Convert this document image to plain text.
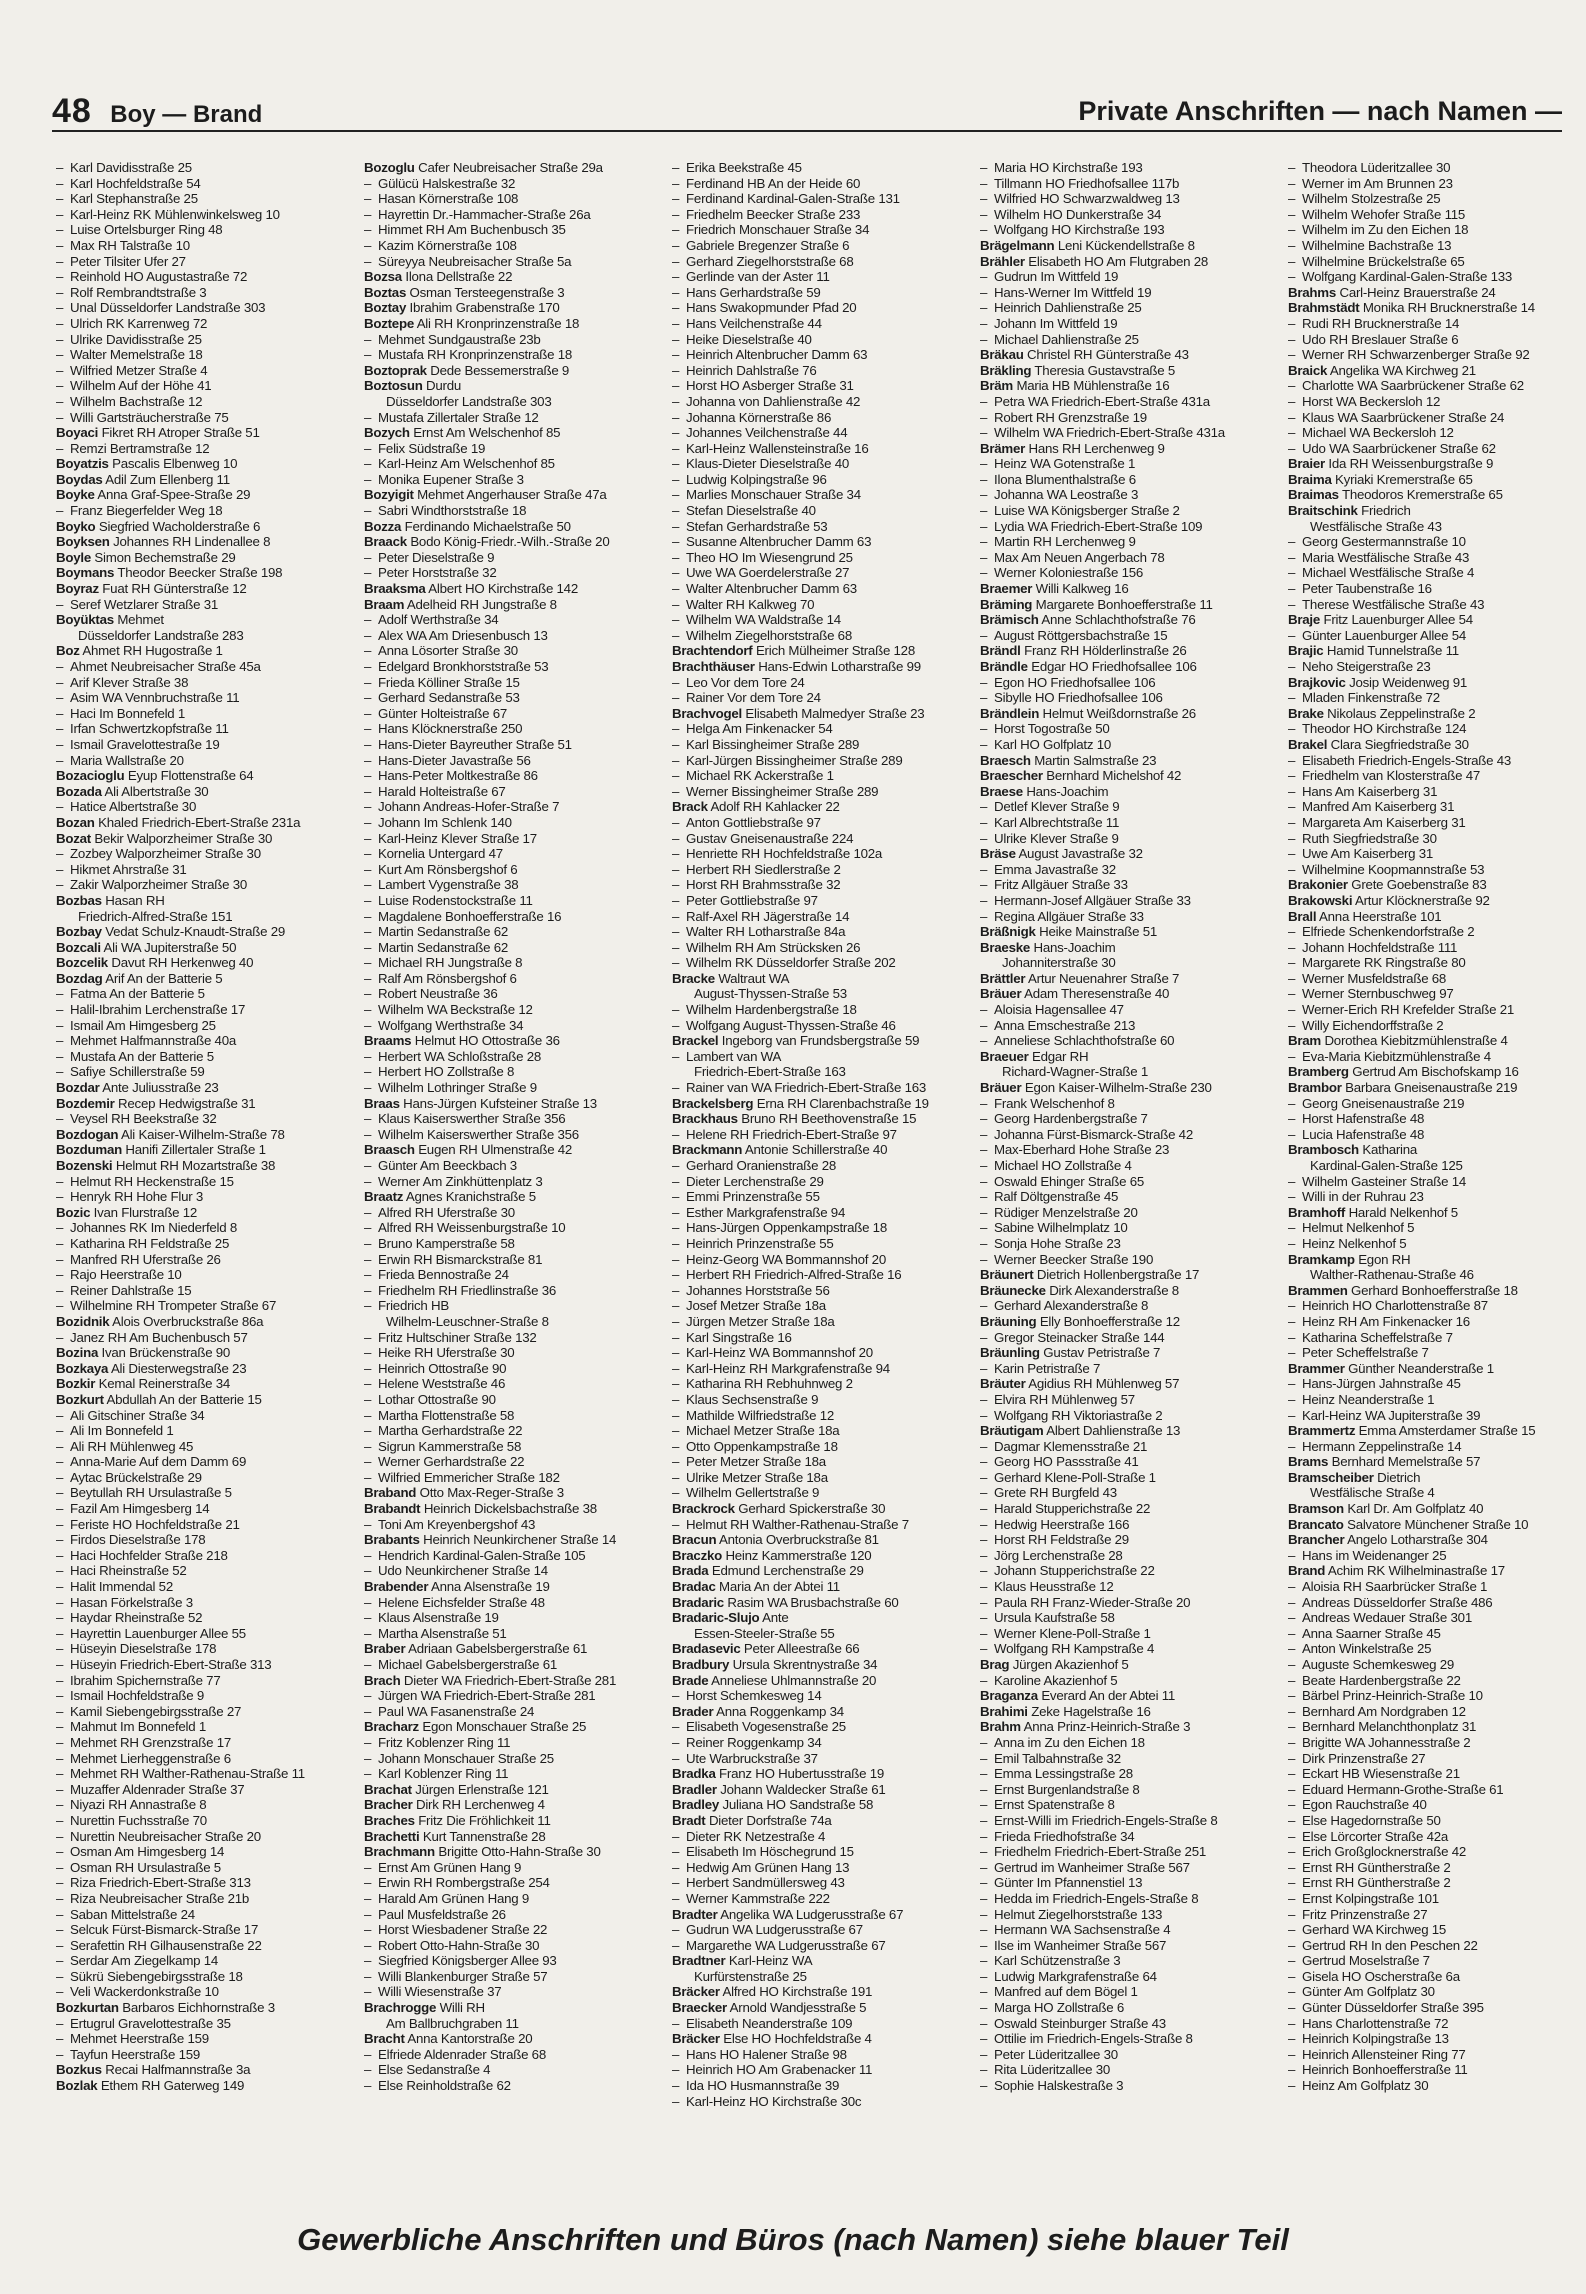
48 Boy — Brand	Private Anschriften — nach Namen —
–  Karl Davidisstraße 25
–  Karl Hochfeldstraße 54
–  Karl Stephanstraße 25
–  Karl-Heinz RK Mühlenwinkelsweg 10
–  Luise Ortelsburger Ring 48
–  Max RH Talstraße 10
–  Peter Tilsiter Ufer 27
–  Reinhold HO Augustastraße 72
–  Rolf Rembrandtstraße 3
–  Unal Düsseldorfer Landstraße 303
–  Ulrich RK Karrenweg 72
–  Ulrike Davidisstraße 25
–  Walter Memelstraße 18
–  Wilfried Metzer Straße 4
–  Wilhelm Auf der Höhe 41
–  Wilhelm Bachstraße 12
–  Willi Gartsträucherstraße 75
Boyaci Fikret RH Atroper Straße 51
–  Remzi Bertramstraße 12
Boyatzis Pascalis Elbenweg 10
Boydas Adil Zum Ellenberg 11
Boyke Anna Graf-Spee-Straße 29
–  Franz Biegerfelder Weg 18
Boyko Siegfried Wacholderstraße 6
Boyksen Johannes RH Lindenallee 8
Boyle Simon Bechemstraße 29
Boymans Theodor Beecker Straße 198
Boyraz Fuat RH Günterstraße 12
–  Seref Wetzlarer Straße 31
Boyüktas Mehmet
Düsseldorfer Landstraße 283
Boz Ahmet RH Hugostraße 1
–  Ahmet Neubreisacher Straße 45a
–  Arif Klever Straße 38
–  Asim WA Vennbruchstraße 11
–  Haci Im Bonnefeld 1
–  Irfan Schwertzkopfstraße 11
–  Ismail Gravelottestraße 19
–  Maria Wallstraße 20
Bozacioglu Eyup Flottenstraße 64
Bozada Ali Albertstraße 30
–  Hatice Albertstraße 30
Bozan Khaled Friedrich-Ebert-Straße 231a
Bozat Bekir Walporzheimer Straße 30
–  Zozbey Walporzheimer Straße 30
–  Hikmet Ahrstraße 31
–  Zakir Walporzheimer Straße 30
Bozbas Hasan RH
Friedrich-Alfred-Straße 151
Bozbay Vedat Schulz-Knaudt-Straße 29
Bozcali Ali WA Jupiterstraße 50
Bozcelik Davut RH Herkenweg 40
Bozdag Arif An der Batterie 5
–  Fatma An der Batterie 5
–  Halil-Ibrahim Lerchenstraße 17
–  Ismail Am Himgesberg 25
–  Mehmet Halfmannstraße 40a
–  Mustafa An der Batterie 5
–  Safiye Schillerstraße 59
Bozdar Ante Juliusstraße 23
Bozdemir Recep Hedwigstraße 31
–  Veysel RH Beekstraße 32
Bozdogan Ali Kaiser-Wilhelm-Straße 78
Bozduman Hanifi Zillertaler Straße 1
Bozenski Helmut RH Mozartstraße 38
–  Helmut RH Heckenstraße 15
–  Henryk RH Hohe Flur 3
Bozic Ivan Flurstraße 12
–  Johannes RK Im Niederfeld 8
–  Katharina RH Feldstraße 25
–  Manfred RH Uferstraße 26
–  Rajo Heerstraße 10
–  Reiner Dahlstraße 15
–  Wilhelmine RH Trompeter Straße 67
Bozidnik Alois Overbruckstraße 86a
–  Janez RH Am Buchenbusch 57
Bozina Ivan Brückenstraße 90
Bozkaya Ali Diesterwegstraße 23
Bozkir Kemal Reinerstraße 34
Bozkurt Abdullah An der Batterie 15
–  Ali Gitschiner Straße 34
–  Ali Im Bonnefeld 1
–  Ali RH Mühlenweg 45
–  Anna-Marie Auf dem Damm 69
–  Aytac Brückelstraße 29
–  Beytullah RH Ursulastraße 5
–  Fazil Am Himgesberg 14
–  Feriste HO Hochfeldstraße 21
–  Firdos Dieselstraße 178
–  Haci Hochfelder Straße 218
–  Haci Rheinstraße 52
–  Halit Immendal 52
–  Hasan Förkelstraße 3
–  Haydar Rheinstraße 52
–  Hayrettin Lauenburger Allee 55
–  Hüseyin Dieselstraße 178
–  Hüseyin Friedrich-Ebert-Straße 313
–  Ibrahim Spichernstraße 77
–  Ismail Hochfeldstraße 9
–  Kamil Siebengebirgsstraße 27
–  Mahmut Im Bonnefeld 1
–  Mehmet RH Grenzstraße 17
–  Mehmet Lierheggenstraße 6
–  Mehmet RH Walther-Rathenau-Straße 11
–  Muzaffer Aldenrader Straße 37
–  Niyazi RH Annastraße 8
–  Nurettin Fuchsstraße 70
–  Nurettin Neubreisacher Straße 20
–  Osman Am Himgesberg 14
–  Osman RH Ursulastraße 5
–  Riza Friedrich-Ebert-Straße 313
–  Riza Neubreisacher Straße 21b
–  Saban Mittelstraße 24
–  Selcuk Fürst-Bismarck-Straße 17
–  Serafettin RH Gilhausenstraße 22
–  Serdar Am Ziegelkamp 14
–  Sükrü Siebengebirgsstraße 18
–  Veli Wackerdonkstraße 10
Bozkurtan Barbaros Eichhornstraße 3
–  Ertugrul Gravelottestraße 35
–  Mehmet Heerstraße 159
–  Tayfun Heerstraße 159
Bozkus Recai Halfmannstraße 3a
Bozlak Ethem RH Gaterweg 149
Bozoglu Cafer Neubreisacher Straße 29a
–  Gülücü Halskestraße 32
–  Hasan Körnerstraße 108
–  Hayrettin Dr.-Hammacher-Straße 26a
–  Himmet RH Am Buchenbusch 35
–  Kazim Körnerstraße 108
–  Süreyya Neubreisacher Straße 5a
Bozsa Ilona Dellstraße 22
Boztas Osman Tersteegenstraße 3
Boztay Ibrahim Grabenstraße 170
Boztepe Ali RH Kronprinzenstraße 18
–  Mehmet Sundgaustraße 23b
–  Mustafa RH Kronprinzenstraße 18
Boztoprak Dede Bessemerstraße 9
Boztosun Durdu
Düsseldorfer Landstraße 303
–  Mustafa Zillertaler Straße 12
Bozych Ernst Am Welschenhof 85
–  Felix Südstraße 19
–  Karl-Heinz Am Welschenhof 85
–  Monika Eupener Straße 3
Bozyigit Mehmet Angerhauser Straße 47a
–  Sabri Windthorststraße 18
Bozza Ferdinando Michaelstraße 50
Braack Bodo König-Friedr.-Wilh.-Straße 20
–  Peter Dieselstraße 9
–  Peter Horststraße 32
Braaksma Albert HO Kirchstraße 142
Braam Adelheid RH Jungstraße 8
–  Adolf Werthstraße 34
–  Alex WA Am Driesenbusch 13
–  Anna Lösorter Straße 30
–  Edelgard Bronkhorststraße 53
–  Frieda Kölliner Straße 15
–  Gerhard Sedanstraße 53
–  Günter Holteistraße 67
–  Hans Klöcknerstraße 250
–  Hans-Dieter Bayreuther Straße 51
–  Hans-Dieter Javastraße 56
–  Hans-Peter Moltkestraße 86
–  Harald Holteistraße 67
–  Johann Andreas-Hofer-Straße 7
–  Johann Im Schlenk 140
–  Karl-Heinz Klever Straße 17
–  Kornelia Untergard 47
–  Kurt Am Rönsbergshof 6
–  Lambert Vygenstraße 38
–  Luise Rodenstockstraße 11
–  Magdalene Bonhoefferstraße 16
–  Martin Sedanstraße 62
–  Martin Sedanstraße 62
–  Michael RH Jungstraße 8
–  Ralf Am Rönsbergshof 6
–  Robert Neustraße 36
–  Wilhelm WA Beckstraße 12
–  Wolfgang Werthstraße 34
Braams Helmut HO Ottostraße 36
–  Herbert WA Schloßstraße 28
–  Herbert HO Zollstraße 8
–  Wilhelm Lothringer Straße 9
Braas Hans-Jürgen Kufsteiner Straße 13
–  Klaus Kaiserswerther Straße 356
–  Wilhelm Kaiserswerther Straße 356
Braasch Eugen RH Ulmenstraße 42
–  Günter Am Beeckbach 3
–  Werner Am Zinkhüttenplatz 3
Braatz Agnes Kranichstraße 5
–  Alfred RH Uferstraße 30
–  Alfred RH Weissenburgstraße 10
–  Bruno Kamperstraße 58
–  Erwin RH Bismarckstraße 81
–  Frieda Bennostraße 24
–  Friedhelm RH Friedlinstraße 36
–  Friedrich HB
Wilhelm-Leuschner-Straße 8
–  Fritz Hultschiner Straße 132
–  Heike RH Uferstraße 30
–  Heinrich Ottostraße 90
–  Helene Weststraße 46
–  Lothar Ottostraße 90
–  Martha Flottenstraße 58
–  Martha Gerhardstraße 22
–  Sigrun Kammerstraße 58
–  Werner Gerhardstraße 22
–  Wilfried Emmericher Straße 182
Braband Otto Max-Reger-Straße 3
Brabandt Heinrich Dickelsbachstraße 38
–  Toni Am Kreyenbergshof 43
Brabants Heinrich Neunkirchener Straße 14
–  Hendrich Kardinal-Galen-Straße 105
–  Udo Neunkirchener Straße 14
Brabender Anna Alsenstraße 19
–  Helene Eichsfelder Straße 48
–  Klaus Alsenstraße 19
–  Martha Alsenstraße 51
Braber Adriaan Gabelsbergerstraße 61
–  Michael Gabelsbergerstraße 61
Brach Dieter WA Friedrich-Ebert-Straße 281
–  Jürgen WA Friedrich-Ebert-Straße 281
–  Paul WA Fasanenstraße 24
Bracharz Egon Monschauer Straße 25
–  Fritz Koblenzer Ring 11
–  Johann Monschauer Straße 25
–  Karl Koblenzer Ring 11
Brachat Jürgen Erlenstraße 121
Bracher Dirk RH Lerchenweg 4
Braches Fritz Die Fröhlichkeit 11
Brachetti Kurt Tannenstraße 28
Brachmann Brigitte Otto-Hahn-Straße 30
–  Ernst Am Grünen Hang 9
–  Erwin RH Rombergstraße 254
–  Harald Am Grünen Hang 9
–  Paul Musfeldstraße 26
–  Horst Wiesbadener Straße 22
–  Robert Otto-Hahn-Straße 30
–  Siegfried Königsberger Allee 93
–  Willi Blankenburger Straße 57
–  Willi Wiesenstraße 37
Brachrogge Willi RH
Am Ballbruchgraben 11
Bracht Anna Kantorstraße 20
–  Elfriede Aldenrader Straße 68
–  Else Sedanstraße 4
–  Else Reinholdstraße 62
–  Erika Beekstraße 45
–  Ferdinand HB An der Heide 60
–  Ferdinand Kardinal-Galen-Straße 131
–  Friedhelm Beecker Straße 233
–  Friedrich Monschauer Straße 34
–  Gabriele Bregenzer Straße 6
–  Gerhard Ziegelhorststraße 68
–  Gerlinde van der Aster 11
–  Hans Gerhardstraße 59
–  Hans Swakopmunder Pfad 20
–  Hans Veilchenstraße 44
–  Heike Dieselstraße 40
–  Heinrich Altenbrucher Damm 63
–  Heinrich Dahlstraße 76
–  Horst HO Asberger Straße 31
–  Johanna von Dahlienstraße 42
–  Johanna Körnerstraße 86
–  Johannes Veilchenstraße 44
–  Karl-Heinz Wallensteinstraße 16
–  Klaus-Dieter Dieselstraße 40
–  Ludwig Kolpingstraße 96
–  Marlies Monschauer Straße 34
–  Stefan Dieselstraße 40
–  Stefan Gerhardstraße 53
–  Susanne Altenbrucher Damm 63
–  Theo HO Im Wiesengrund 25
–  Uwe WA Goerdelerstraße 27
–  Walter Altenbrucher Damm 63
–  Walter RH Kalkweg 70
–  Wilhelm WA Waldstraße 14
–  Wilhelm Ziegelhorststraße 68
Brachtendorf Erich Mülheimer Straße 128
Brachthäuser Hans-Edwin Lotharstraße 99
–  Leo Vor dem Tore 24
–  Rainer Vor dem Tore 24
Brachvogel Elisabeth Malmedyer Straße 23
–  Helga Am Finkenacker 54
–  Karl Bissingheimer Straße 289
–  Karl-Jürgen Bissingheimer Straße 289
–  Michael RK Ackerstraße 1
–  Werner Bissingheimer Straße 289
Brack Adolf RH Kahlacker 22
–  Anton Gottliebstraße 97
–  Gustav Gneisenaustraße 224
–  Henriette RH Hochfeldstraße 102a
–  Herbert RH Siedlerstraße 2
–  Horst RH Brahmsstraße 32
–  Peter Gottliebstraße 97
–  Ralf-Axel RH Jägerstraße 14
–  Walter RH Lotharstraße 84a
–  Wilhelm RH Am Strücksken 26
–  Wilhelm RK Düsseldorfer Straße 202
Bracke Waltraut WA
August-Thyssen-Straße 53
–  Wilhelm Hardenbergstraße 18
–  Wolfgang August-Thyssen-Straße 46
Brackel Ingeborg van Frundsbergstraße 59
–  Lambert van WA
Friedrich-Ebert-Straße 163
–  Rainer van WA Friedrich-Ebert-Straße 163
Brackelsberg Erna RH Clarenbachstraße 19
Brackhaus Bruno RH Beethovenstraße 15
–  Helene RH Friedrich-Ebert-Straße 97
Brackmann Antonie Schillerstraße 40
–  Gerhard Oranienstraße 28
–  Dieter Lerchenstraße 29
–  Emmi Prinzenstraße 55
–  Esther Markgrafenstraße 94
–  Hans-Jürgen Oppenkampstraße 18
–  Heinrich Prinzenstraße 55
–  Heinz-Georg WA Bommannshof 20
–  Herbert RH Friedrich-Alfred-Straße 16
–  Johannes Horststraße 56
–  Josef Metzer Straße 18a
–  Jürgen Metzer Straße 18a
–  Karl Singstraße 16
–  Karl-Heinz WA Bommannshof 20
–  Karl-Heinz RH Markgrafenstraße 94
–  Katharina RH Rebhuhnweg 2
–  Klaus Sechsenstraße 9
–  Mathilde Wilfriedstraße 12
–  Michael Metzer Straße 18a
–  Otto Oppenkampstraße 18
–  Peter Metzer Straße 18a
–  Ulrike Metzer Straße 18a
–  Wilhelm Gellertstraße 9
Brackrock Gerhard Spickerstraße 30
–  Helmut RH Walther-Rathenau-Straße 7
Bracun Antonia Overbruckstraße 81
Braczko Heinz Kammerstraße 120
Brada Edmund Lerchenstraße 29
Bradac Maria An der Abtei 11
Bradaric Rasim WA Brusbachstraße 60
Bradaric-Slujo Ante
Essen-Steeler-Straße 55
Bradasevic Peter Alleestraße 66
Bradbury Ursula Skrentnystraße 34
Brade Anneliese Uhlmannstraße 20
–  Horst Schemkesweg 14
Brader Anna Roggenkamp 34
–  Elisabeth Vogesenstraße 25
–  Reiner Roggenkamp 34
–  Ute Warbruckstraße 37
Bradka Franz HO Hubertusstraße 19
Bradler Johann Waldecker Straße 61
Bradley Juliana HO Sandstraße 58
Bradt Dieter Dorfstraße 74a
–  Dieter RK Netzestraße 4
–  Elisabeth Im Höschegrund 15
–  Hedwig Am Grünen Hang 13
–  Herbert Sandmüllersweg 43
–  Werner Kammstraße 222
Bradter Angelika WA Ludgerusstraße 67
–  Gudrun WA Ludgerusstraße 67
–  Margarethe WA Ludgerusstraße 67
Bradtner Karl-Heinz WA
Kurfürstenstraße 25
Bräcker Alfred HO Kirchstraße 191
Braecker Arnold Wandjesstraße 5
–  Elisabeth Neanderstraße 109
Bräcker Else HO Hochfeldstraße 4
–  Hans HO Halener Straße 98
–  Heinrich HO Am Grabenacker 11
–  Ida HO Husmannstraße 39
–  Karl-Heinz HO Kirchstraße 30c
–  Maria HO Kirchstraße 193
–  Tillmann HO Friedhofsallee 117b
–  Wilfried HO Schwarzwaldweg 13
–  Wilhelm HO Dunkerstraße 34
–  Wolfgang HO Kirchstraße 193
Brägelmann Leni Kückendellstraße 8
Brähler Elisabeth HO Am Flutgraben 28
–  Gudrun Im Wittfeld 19
–  Hans-Werner Im Wittfeld 19
–  Heinrich Dahlienstraße 25
–  Johann Im Wittfeld 19
–  Michael Dahlienstraße 25
Bräkau Christel RH Günterstraße 43
Bräkling Theresia Gustavstraße 5
Bräm Maria HB Mühlenstraße 16
–  Petra WA Friedrich-Ebert-Straße 431a
–  Robert RH Grenzstraße 19
–  Wilhelm WA Friedrich-Ebert-Straße 431a
Brämer Hans RH Lerchenweg 9
–  Heinz WA Gotenstraße 1
–  Ilona Blumenthalstraße 6
–  Johanna WA Leostraße 3
–  Luise WA Königsberger Straße 2
–  Lydia WA Friedrich-Ebert-Straße 109
–  Martin RH Lerchenweg 9
–  Max Am Neuen Angerbach 78
–  Werner Koloniestraße 156
Braemer Willi Kalkweg 16
Bräming Margarete Bonhoefferstraße 11
Brämisch Anne Schlachthofstraße 76
–  August Röttgersbachstraße 15
Brändl Franz RH Hölderlinstraße 26
Brändle Edgar HO Friedhofsallee 106
–  Egon HO Friedhofsallee 106
–  Sibylle HO Friedhofsallee 106
Brändlein Helmut Weißdornstraße 26
–  Horst Togostraße 50
–  Karl HO Golfplatz 10
Braesch Martin Salmstraße 23
Braescher Bernhard Michelshof 42
Braese Hans-Joachim
–  Detlef Klever Straße 9
–  Karl Albrechtstraße 11
–  Ulrike Klever Straße 9
Bräse August Javastraße 32
–  Emma Javastraße 32
–  Fritz Allgäuer Straße 33
–  Hermann-Josef Allgäuer Straße 33
–  Regina Allgäuer Straße 33
Bräßnigk Heike Mainstraße 51
Braeske Hans-Joachim
Johanniterstraße 30
Brättler Artur Neuenahrer Straße 7
Bräuer Adam Theresenstraße 40
–  Aloisia Hagensallee 47
–  Anna Emschestraße 213
–  Anneliese Schlachthofstraße 60
Braeuer Edgar RH
Richard-Wagner-Straße 1
Bräuer Egon Kaiser-Wilhelm-Straße 230
–  Frank Welschenhof 8
–  Georg Hardenbergstraße 7
–  Johanna Fürst-Bismarck-Straße 42
–  Max-Eberhard Hohe Straße 23
–  Michael HO Zollstraße 4
–  Oswald Ehinger Straße 65
–  Ralf Döltgenstraße 45
–  Rüdiger Menzelstraße 20
–  Sabine Wilhelmplatz 10
–  Sonja Hohe Straße 23
–  Werner Beecker Straße 190
Bräunert Dietrich Hollenbergstraße 17
Bräunecke Dirk Alexanderstraße 8
–  Gerhard Alexanderstraße 8
Bräuning Elly Bonhoefferstraße 12
–  Gregor Steinacker Straße 144
Bräunling Gustav Petristraße 7
–  Karin Petristraße 7
Bräuter Agidius RH Mühlenweg 57
–  Elvira RH Mühlenweg 57
–  Wolfgang RH Viktoriastraße 2
Bräutigam Albert Dahlienstraße 13
–  Dagmar Klemensstraße 21
–  Georg HO Passstraße 41
–  Gerhard Klene-Poll-Straße 1
–  Grete RH Burgfeld 43
–  Harald Stupperichstraße 22
–  Hedwig Heerstraße 166
–  Horst RH Feldstraße 29
–  Jörg Lerchenstraße 28
–  Johann Stupperichstraße 22
–  Klaus Heusstraße 12
–  Paula RH Franz-Wieder-Straße 20
–  Ursula Kaufstraße 58
–  Werner Klene-Poll-Straße 1
–  Wolfgang RH Kampstraße 4
Brag Jürgen Akazienhof 5
–  Karoline Akazienhof 5
Braganza Everard An der Abtei 11
Brahimi Zeke Hagelstraße 16
Brahm Anna Prinz-Heinrich-Straße 3
–  Anna im Zu den Eichen 18
–  Emil Talbahnstraße 32
–  Emma Lessingstraße 28
–  Ernst Burgenlandstraße 8
–  Ernst Spatenstraße 8
–  Ernst-Willi im Friedrich-Engels-Straße 8
–  Frieda Friedhofstraße 34
–  Friedhelm Friedrich-Ebert-Straße 251
–  Gertrud im Wanheimer Straße 567
–  Günter Im Pfannenstiel 13
–  Hedda im Friedrich-Engels-Straße 8
–  Helmut Ziegelhorststraße 133
–  Hermann WA Sachsenstraße 4
–  Ilse im Wanheimer Straße 567
–  Karl Schützenstraße 3
–  Ludwig Markgrafenstraße 64
–  Manfred auf dem Bögel 1
–  Marga HO Zollstraße 6
–  Oswald Steinburger Straße 43
–  Ottilie im Friedrich-Engels-Straße 8
–  Peter Lüderitzallee 30
–  Rita Lüderitzallee 30
–  Sophie Halskestraße 3
–  Theodora Lüderitzallee 30
–  Werner im Am Brunnen 23
–  Wilhelm Stolzestraße 25
–  Wilhelm Wehofer Straße 115
–  Wilhelm im Zu den Eichen 18
–  Wilhelmine Bachstraße 13
–  Wilhelmine Brückelstraße 65
–  Wolfgang Kardinal-Galen-Straße 133
Brahms Carl-Heinz Brauerstraße 24
Brahmstädt Monika RH Brucknerstraße 14
–  Rudi RH Brucknerstraße 14
–  Udo RH Breslauer Straße 6
–  Werner RH Schwarzenberger Straße 92
Braick Angelika WA Kirchweg 21
–  Charlotte WA Saarbrückener Straße 62
–  Horst WA Beckersloh 12
–  Klaus WA Saarbrückener Straße 24
–  Michael WA Beckersloh 12
–  Udo WA Saarbrückener Straße 62
Braier Ida RH Weissenburgstraße 9
Braima Kyriaki Kremerstraße 65
Braimas Theodoros Kremerstraße 65
Braitschink Friedrich
Westfälische Straße 43
–  Georg Gestermannstraße 10
–  Maria Westfälische Straße 43
–  Michael Westfälische Straße 4
–  Peter Taubenstraße 16
–  Therese Westfälische Straße 43
Braje Fritz Lauenburger Allee 54
–  Günter Lauenburger Allee 54
Brajic Hamid Tunnelstraße 11
–  Neho Steigerstraße 23
Brajkovic Josip Weidenweg 91
–  Mladen Finkenstraße 72
Brake Nikolaus Zeppelinstraße 2
–  Theodor HO Kirchstraße 124
Brakel Clara Siegfriedstraße 30
–  Elisabeth Friedrich-Engels-Straße 43
–  Friedhelm van Klosterstraße 47
–  Hans Am Kaiserberg 31
–  Manfred Am Kaiserberg 31
–  Margareta Am Kaiserberg 31
–  Ruth Siegfriedstraße 30
–  Uwe Am Kaiserberg 31
–  Wilhelmine Koopmannstraße 53
Brakonier Grete Goebenstraße 83
Brakowski Artur Klöcknerstraße 92
Brall Anna Heerstraße 101
–  Elfriede Schenkendorfstraße 2
–  Johann Hochfeldstraße 111
–  Margarete RK Ringstraße 80
–  Werner Musfeldstraße 68
–  Werner Sternbuschweg 97
–  Werner-Erich RH Krefelder Straße 21
–  Willy Eichendorffstraße 2
Bram Dorothea Kiebitzmühlenstraße 4
–  Eva-Maria Kiebitzmühlenstraße 4
Bramberg Gertrud Am Bischofskamp 16
Brambor Barbara Gneisenaustraße 219
–  Georg Gneisenaustraße 219
–  Horst Hafenstraße 48
–  Lucia Hafenstraße 48
Brambosch Katharina
Kardinal-Galen-Straße 125
–  Wilhelm Gasteiner Straße 14
–  Willi in der Ruhrau 23
Bramhoff Harald Nelkenhof 5
–  Helmut Nelkenhof 5
–  Heinz Nelkenhof 5
Bramkamp Egon RH
Walther-Rathenau-Straße 46
Brammen Gerhard Bonhoefferstraße 18
–  Heinrich HO Charlottenstraße 87
–  Heinz RH Am Finkenacker 16
–  Katharina Scheffelstraße 7
–  Peter Scheffelstraße 7
Brammer Günther Neanderstraße 1
–  Hans-Jürgen Jahnstraße 45
–  Heinz Neanderstraße 1
–  Karl-Heinz WA Jupiterstraße 39
Brammertz Emma Amsterdamer Straße 15
–  Hermann Zeppelinstraße 14
Brams Bernhard Memelstraße 57
Bramscheiber Dietrich
Westfälische Straße 4
Bramson Karl Dr. Am Golfplatz 40
Brancato Salvatore Münchener Straße 10
Brancher Angelo Lotharstraße 304
–  Hans im Weidenanger 25
Brand Achim RK Wilhelminastraße 17
–  Aloisia RH Saarbrücker Straße 1
–  Andreas Düsseldorfer Straße 486
–  Andreas Wedauer Straße 301
–  Anna Saarner Straße 45
–  Anton Winkelstraße 25
–  Auguste Schemkesweg 29
–  Beate Hardenbergstraße 22
–  Bärbel Prinz-Heinrich-Straße 10
–  Bernhard Am Nordgraben 12
–  Bernhard Melanchthonplatz 31
–  Brigitte WA Johannesstraße 2
–  Dirk Prinzenstraße 27
–  Eckart HB Wiesenstraße 21
–  Eduard Hermann-Grothe-Straße 61
–  Egon Rauchstraße 40
–  Else Hagedornstraße 50
–  Else Lörcorter Straße 42a
–  Erich Großglocknerstraße 42
–  Ernst RH Güntherstraße 2
–  Ernst RH Güntherstraße 2
–  Ernst Kolpingstraße 101
–  Fritz Prinzenstraße 27
–  Gerhard WA Kirchweg 15
–  Gertrud RH In den Peschen 22
–  Gertrud Moselstraße 7
–  Gisela HO Oscherstraße 6a
–  Günter Am Golfplatz 30
–  Günter Düsseldorfer Straße 395
–  Hans Charlottenstraße 72
–  Heinrich Kolpingstraße 13
–  Heinrich Allensteiner Ring 77
–  Heinrich Bonhoefferstraße 11
–  Heinz Am Golfplatz 30
Gewerbliche Anschriften und Büros (nach Namen) siehe blauer Teil
